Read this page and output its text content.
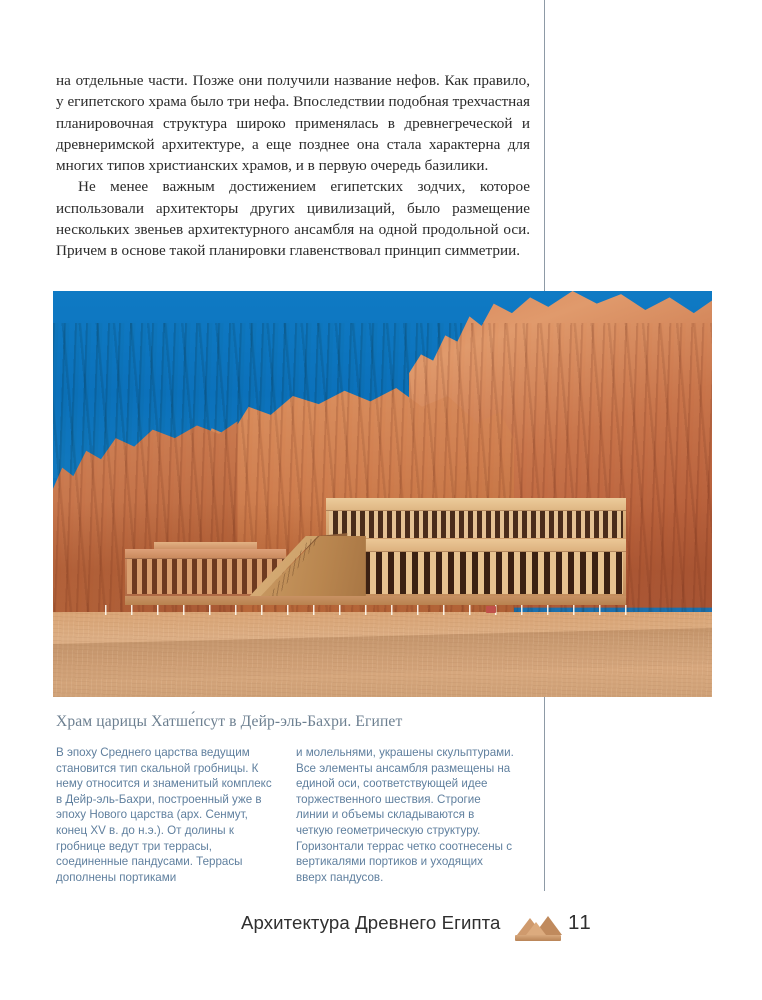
на отдельные части. Позже они получили название нефов. Как правило, у египетского храма было три нефа. Впоследствии подобная трехчастная планировочная структура широко применялась в древнегреческой и древнеримской архитектуре, а еще позднее она стала характерна для многих типов христианских храмов, и в первую очередь базилики.

Не менее важным достижением египетских зодчих, которое использовали архитекторы других цивилизаций, было размещение нескольких звеньев архитектурного ансамбля на одной продольной оси. Причем в основе такой планировки главенствовал принцип симметрии.

Храм царицы Хатше́псут в Дейр-эль-Бахри. Египет

В эпоху Среднего царства ведущим становится тип скальной гробницы. К нему относится и знаменитый комплекс в Дейр-эль-Бахри, построенный уже в эпоху Нового царства (арх. Сенмут, конец XV в. до н.э.). От долины к гробнице ведут три террасы, соединенные пандусами. Террасы дополнены портиками

и молельнями, украшены скульптурами. Все элементы ансамбля размещены на единой оси, соответствующей идее торжественного шествия. Строгие линии и объемы складываются в четкую геометрическую структуру. Горизонтали террас четко соотнесены с вертикалями портиков и уходящих вверх пандусов.

Архитектура Древнего Египта	11
